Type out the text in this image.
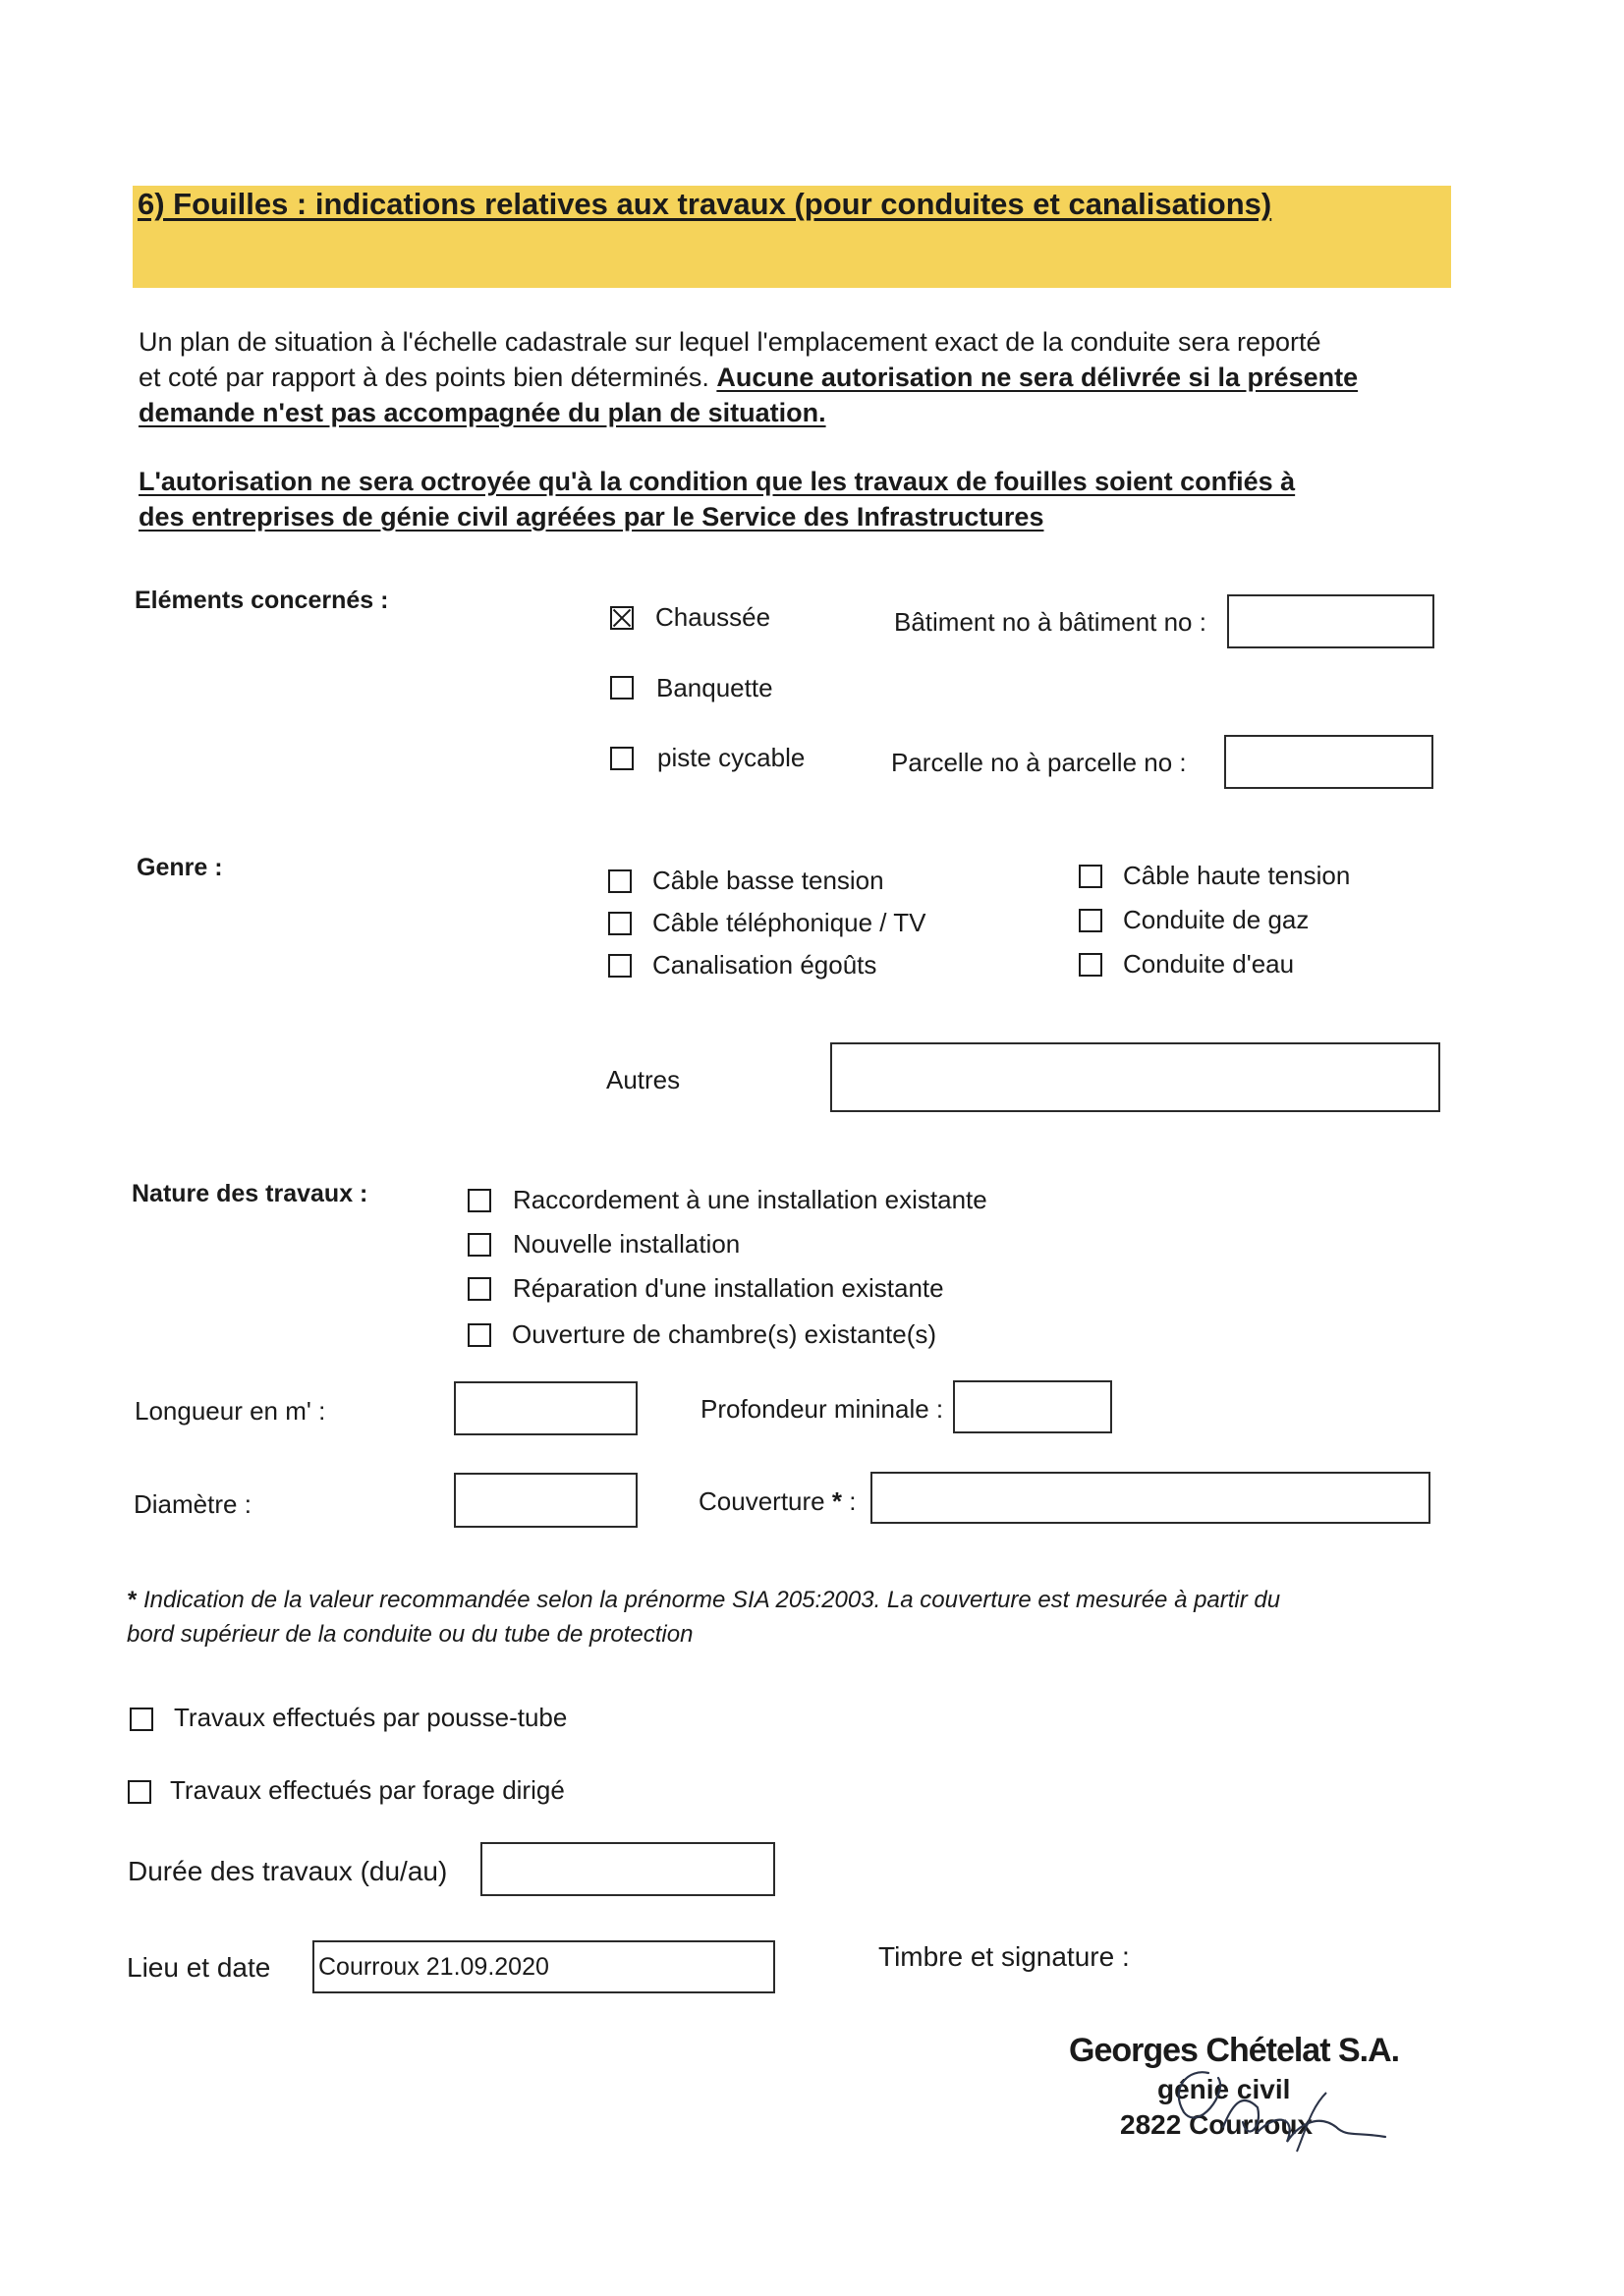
6) Fouilles : indications relatives aux travaux (pour conduites et canalisations)
Un plan de situation à l'échelle cadastrale sur lequel l'emplacement exact de la conduite sera reporté
et coté par rapport à des points bien déterminés. Aucune autorisation ne sera délivrée si la présente
demande n'est pas accompagnée du plan de situation.
L'autorisation ne sera octroyée qu'à la condition que les travaux de fouilles soient confiés à
des entreprises de génie civil agréées par le Service des Infrastructures
Eléments concernés :
Chaussée
Banquette
piste cycable
Bâtiment no à bâtiment no :
Parcelle no à parcelle no :
Genre :	Câble basse tension
Câble téléphonique / TV
Canalisation égoûts
Câble haute tension
Conduite de gaz
Conduite d'eau
Autres
Nature des travaux :	Raccordement à une installation existante
Nouvelle installation
Réparation d'une installation existante
Ouverture de chambre(s) existante(s)
Longueur en m' :	Profondeur mininale :
Diamètre :	Couverture * :
* Indication de la valeur recommandée selon la prénorme SIA 205:2003. La couverture est mesurée à partir du
bord supérieur de la conduite ou du tube de protection
Travaux effectués par pousse-tube
Travaux effectués par forage dirigé
Durée des travaux (du/au)
Lieu et date Courroux 21.09.2020	Timbre et signature :
Georges Chételat S.A.
génie civil
2822 Courroux
